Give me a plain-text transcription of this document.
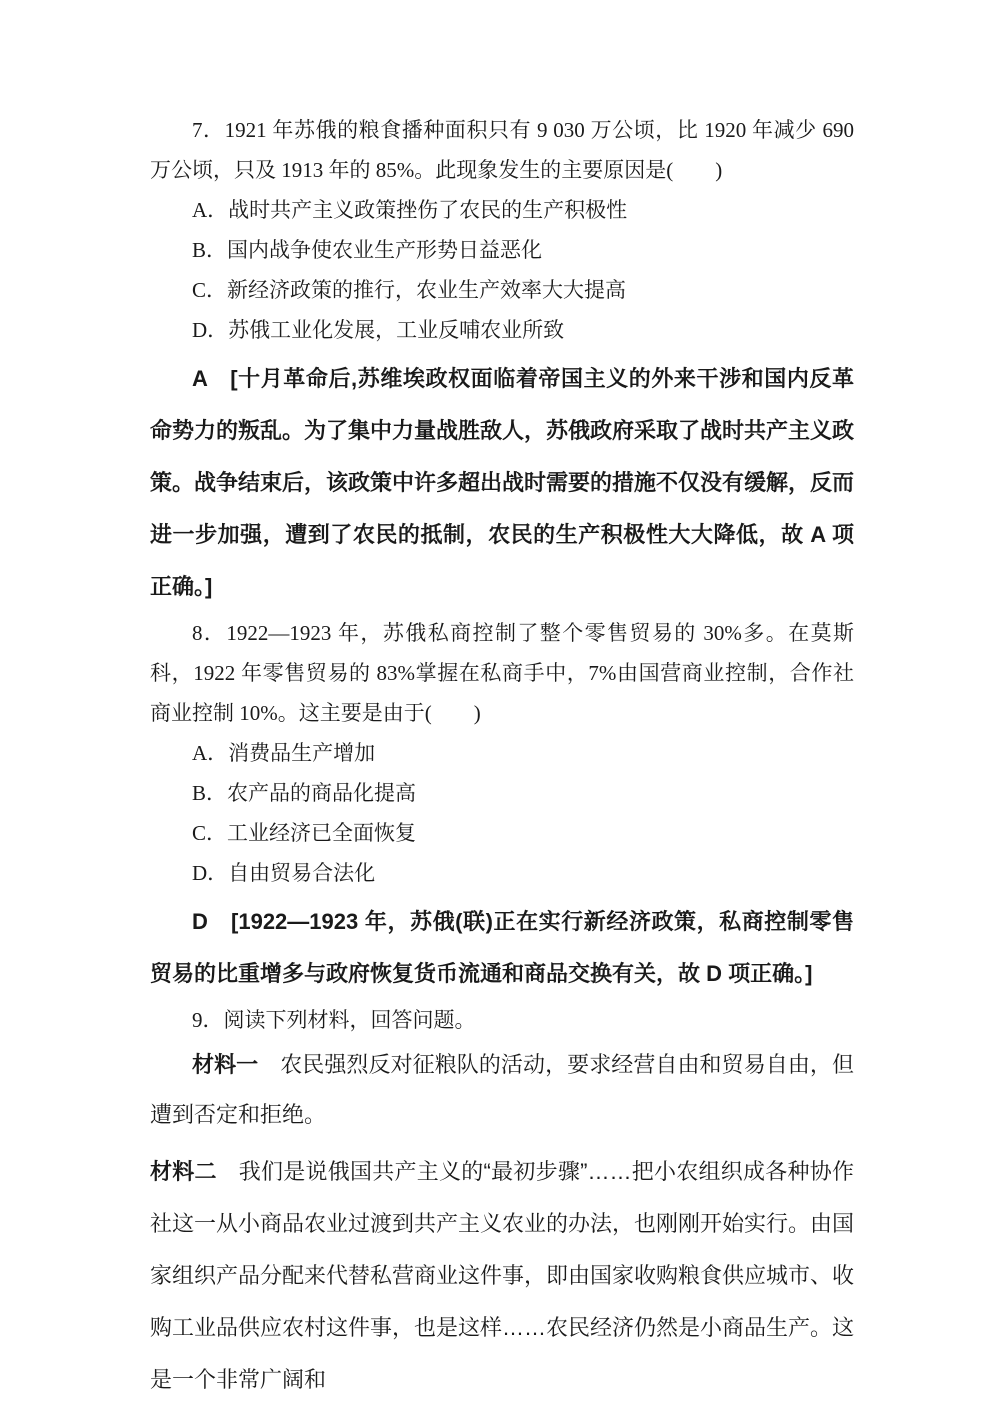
7．1921 年苏俄的粮食播种面积只有 9 030 万公顷，比 1920 年减少 690 万公顷，只及 1913 年的 85%。此现象发生的主要原因是(　　)

A．战时共产主义政策挫伤了农民的生产积极性

B．国内战争使农业生产形势日益恶化

C．新经济政策的推行，农业生产效率大大提高

D．苏俄工业化发展，工业反哺农业所致

A　[十月革命后,苏维埃政权面临着帝国主义的外来干涉和国内反革命势力的叛乱。为了集中力量战胜敌人，苏俄政府采取了战时共产主义政策。战争结束后，该政策中许多超出战时需要的措施不仅没有缓解，反而进一步加强，遭到了农民的抵制，农民的生产积极性大大降低，故 A 项正确。]

8．1922—1923 年，苏俄私商控制了整个零售贸易的 30%多。在莫斯科，1922 年零售贸易的 83%掌握在私商手中，7%由国营商业控制，合作社商业控制 10%。这主要是由于(　　)

A．消费品生产增加

B．农产品的商品化提高

C．工业经济已全面恢复

D．自由贸易合法化

D　[1922—1923 年，苏俄(联)正在实行新经济政策，私商控制零售贸易的比重增多与政府恢复货币流通和商品交换有关，故 D 项正确。]

9．阅读下列材料，回答问题。

材料一 农民强烈反对征粮队的活动，要求经营自由和贸易自由，但遭到否定和拒绝。

材料二 我们是说俄国共产主义的“最初步骤”……把小农组织成各种协作社这一从小商品农业过渡到共产主义农业的办法，也刚刚开始实行。由国家组织产品分配来代替私营商业这件事，即由国家收购粮食供应城市、收购工业品供应农村这件事，也是这样……农民经济仍然是小商品生产。这是一个非常广阔和
